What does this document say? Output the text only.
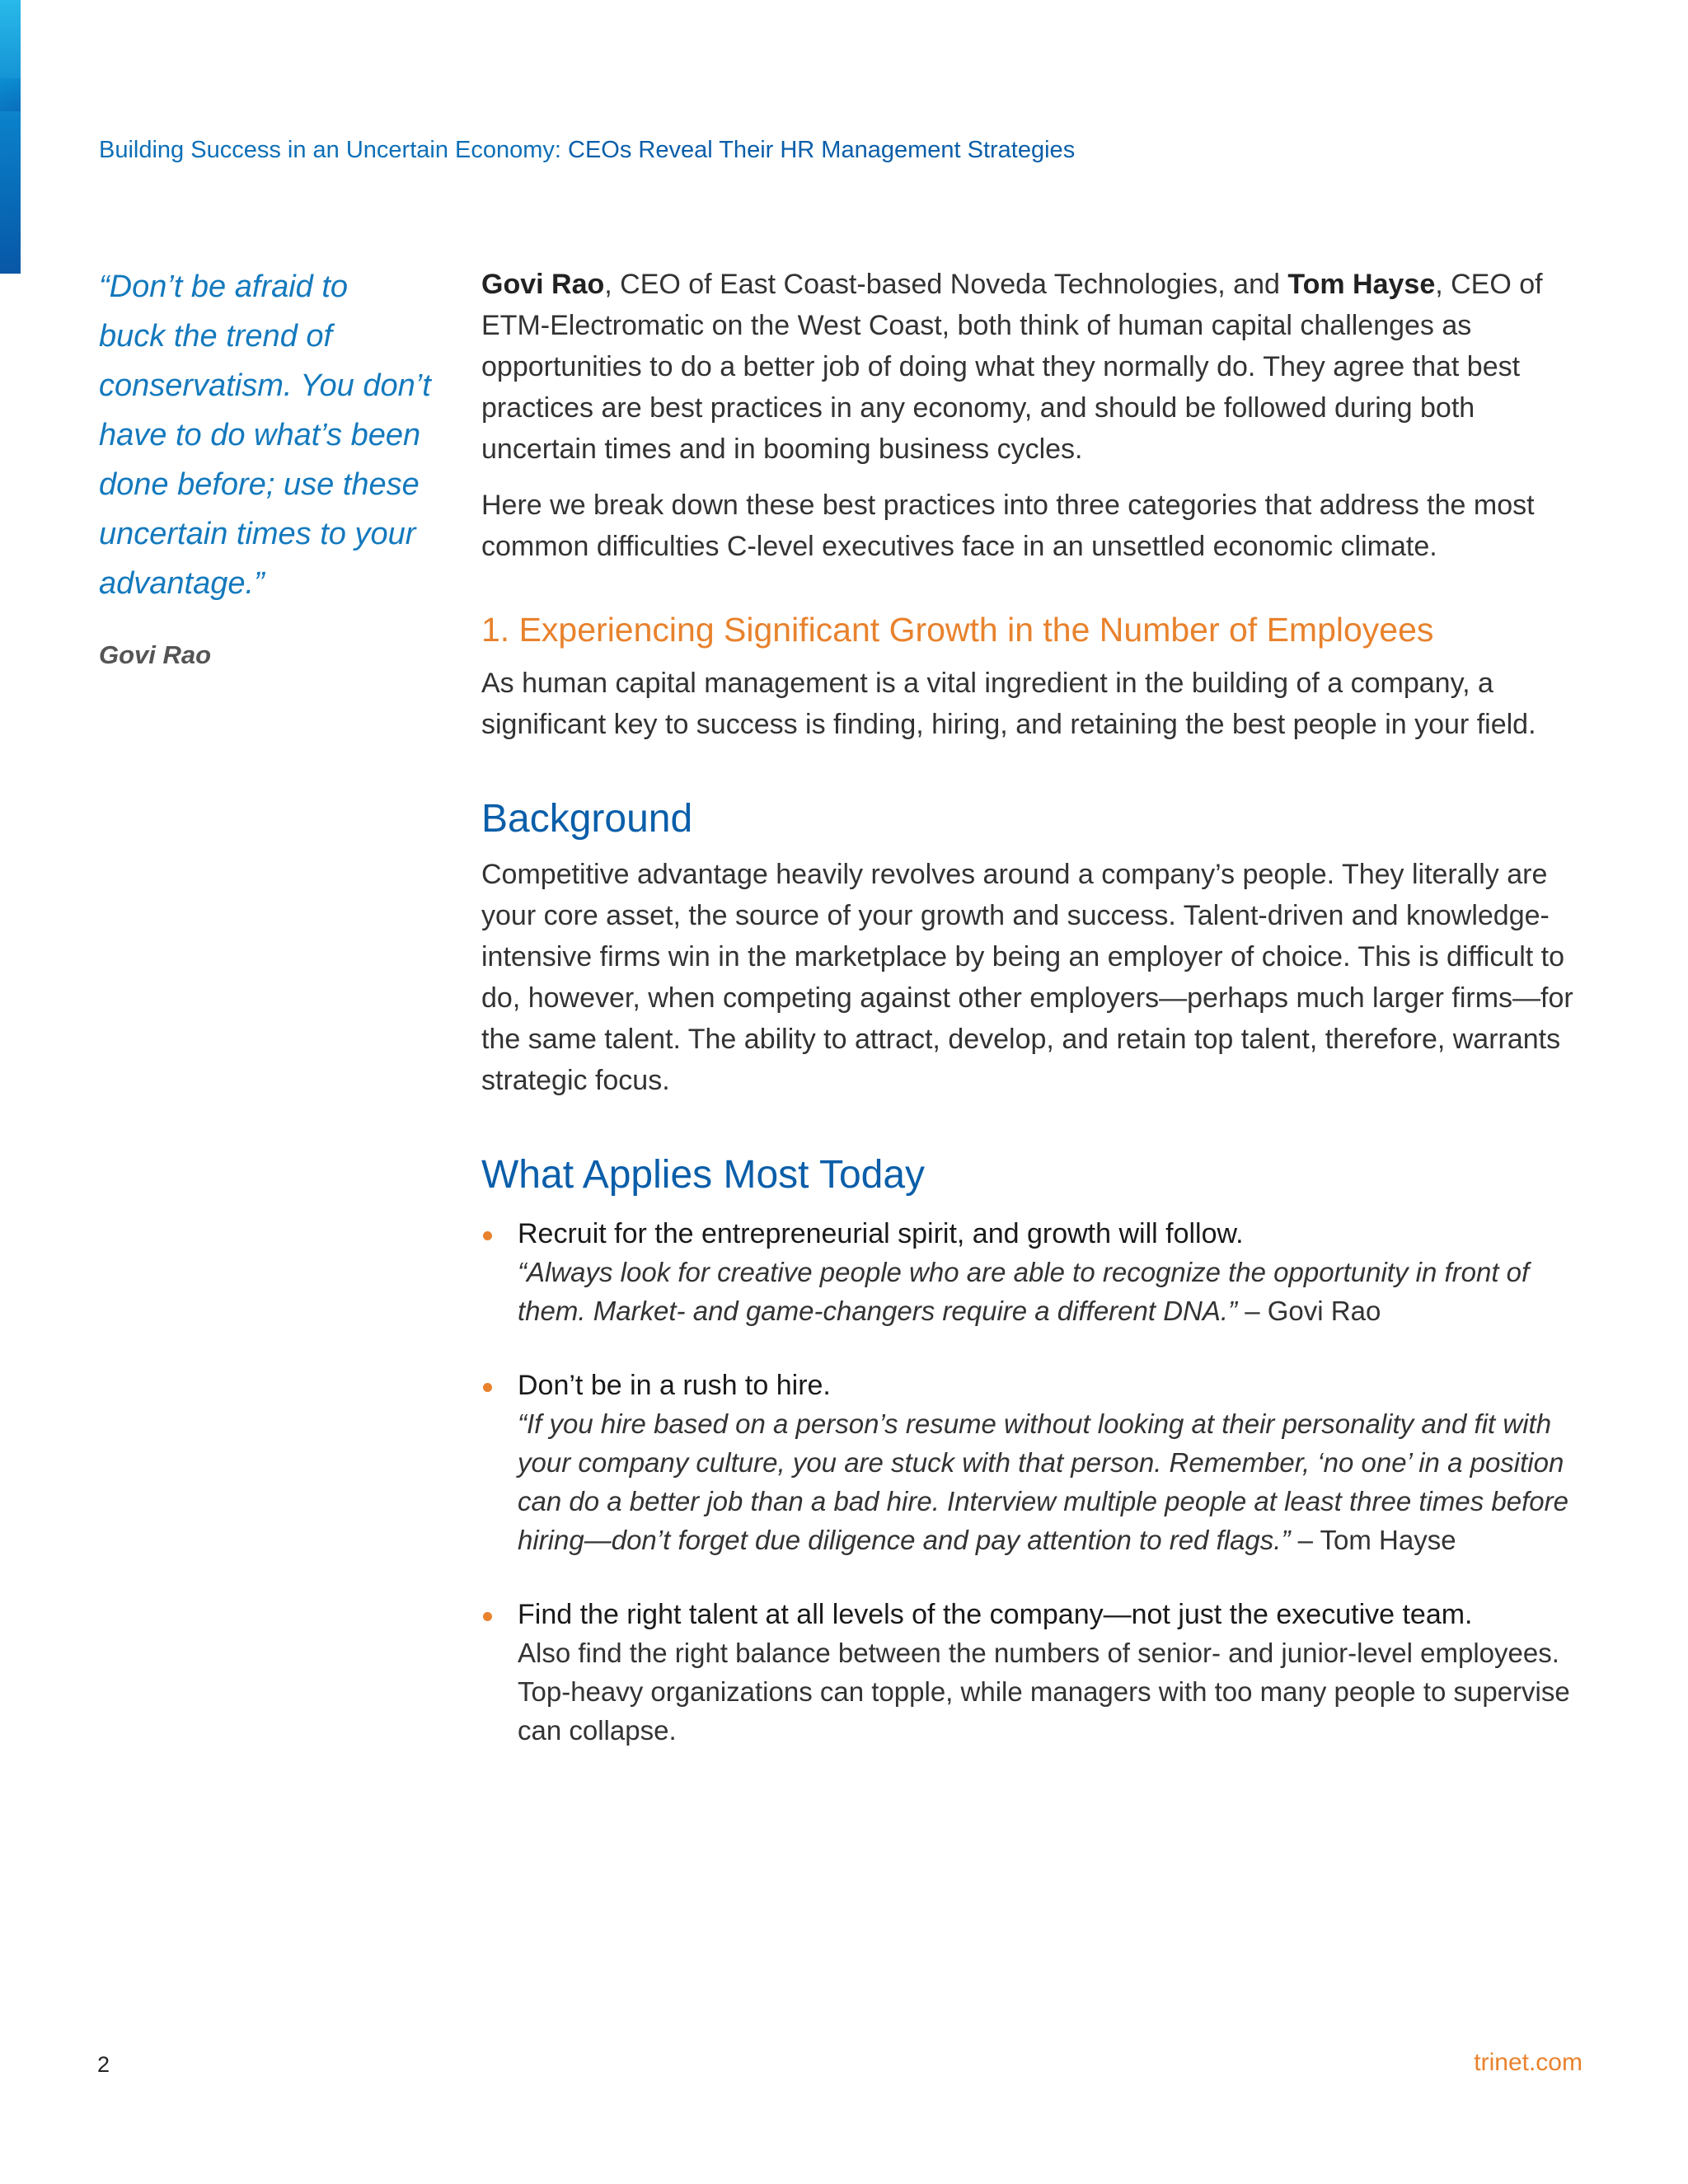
Building Success in an Uncertain Economy: CEOs Reveal Their HR Management Strategies
“Don’t be afraid to
buck the trend of
conservatism. You don’t
have to do what’s been
done before; use these
uncertain times to your
advantage.”
Govi Rao

Govi Rao, CEO of East Coast-based Noveda Technologies, and Tom Hayse, CEO of ETM-Electromatic on the West Coast, both think of human capital challenges as opportunities to do a better job of doing what they normally do. They agree that best practices are best practices in any economy, and should be followed during both uncertain times and in booming business cycles.

Here we break down these best practices into three categories that address the most common difficulties C-level executives face in an unsettled economic climate.

1. Experiencing Significant Growth in the Number of Employees

As human capital management is a vital ingredient in the building of a company, a significant key to success is finding, hiring, and retaining the best people in your field.

Background

Competitive advantage heavily revolves around a company’s people. They literally are your core asset, the source of your growth and success. Talent-driven and knowledge-intensive firms win in the marketplace by being an employer of choice. This is difficult to do, however, when competing against other employers—perhaps much larger firms—for the same talent. The ability to attract, develop, and retain top talent, therefore, warrants strategic focus.

What Applies Most Today
Recruit for the entrepreneurial spirit, and growth will follow.
“Always look for creative people who are able to recognize the opportunity in front of them. Market- and game-changers require a different DNA.” – Govi Rao
Don’t be in a rush to hire.
“If you hire based on a person’s resume without looking at their personality and fit with your company culture, you are stuck with that person. Remember, ‘no one’ in a position can do a better job than a bad hire. Interview multiple people at least three times before hiring—don’t forget due diligence and pay attention to red flags.” – Tom Hayse
Find the right talent at all levels of the company—not just the executive team.
Also find the right balance between the numbers of senior- and junior-level employees. Top-heavy organizations can topple, while managers with too many people to supervise can collapse.
2	trinet.com
